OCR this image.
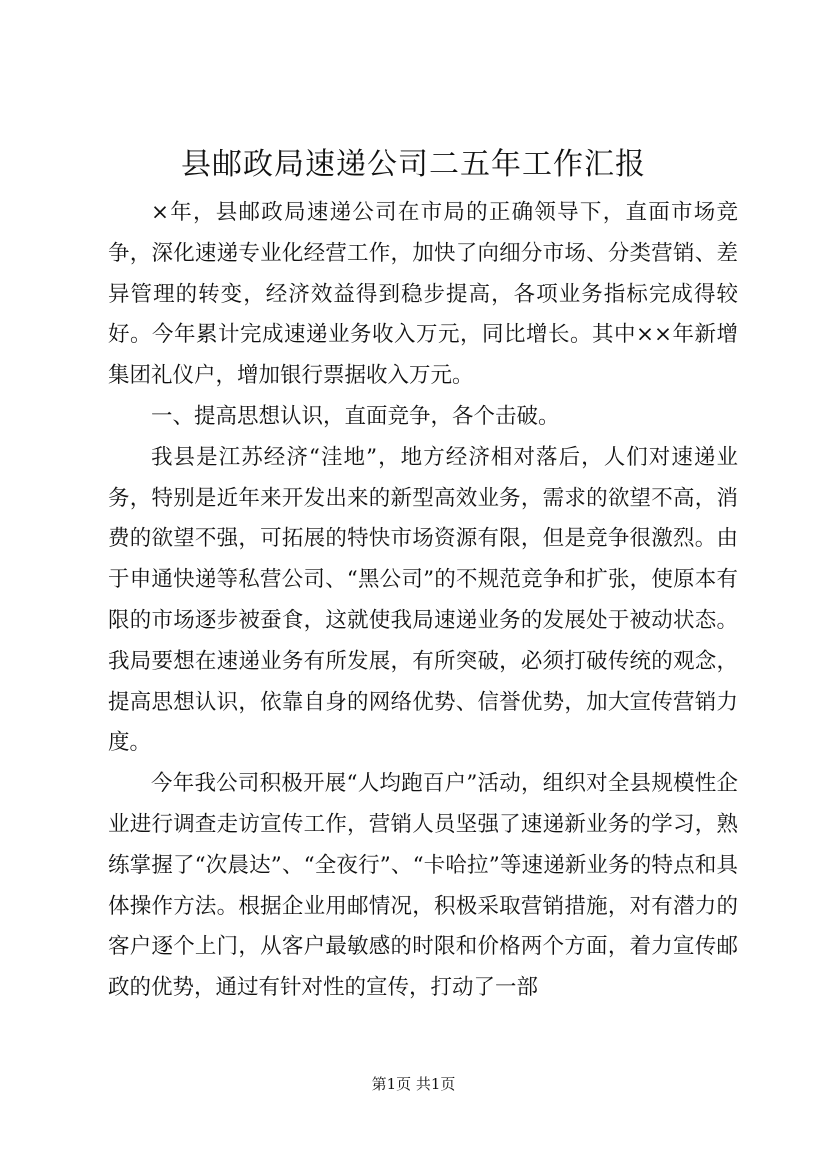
县邮政局速递公司二五年工作汇报

×年，县邮政局速递公司在市局的正确领导下，直面市场竞争，深化速递专业化经营工作，加快了向细分市场、分类营销、差异管理的转变，经济效益得到稳步提高，各项业务指标完成得较好。今年累计完成速递业务收入万元，同比增长。其中××年新增集团礼仪户，增加银行票据收入万元。

一、提高思想认识，直面竞争，各个击破。

我县是江苏经济“洼地”，地方经济相对落后，人们对速递业务，特别是近年来开发出来的新型高效业务，需求的欲望不高，消费的欲望不强，可拓展的特快市场资源有限，但是竞争很激烈。由于申通快递等私营公司、“黑公司”的不规范竞争和扩张，使原本有限的市场逐步被蚕食，这就使我局速递业务的发展处于被动状态。我局要想在速递业务有所发展，有所突破，必须打破传统的观念，提高思想认识，依靠自身的网络优势、信誉优势，加大宣传营销力度。

今年我公司积极开展“人均跑百户”活动，组织对全县规模性企业进行调查走访宣传工作，营销人员坚强了速递新业务的学习，熟练掌握了“次晨达”、“全夜行”、“卡哈拉”等速递新业务的特点和具体操作方法。根据企业用邮情况，积极采取营销措施，对有潜力的客户逐个上门，从客户最敏感的时限和价格两个方面，着力宣传邮政的优势，通过有针对性的宣传，打动了一部

第1页 共1页
